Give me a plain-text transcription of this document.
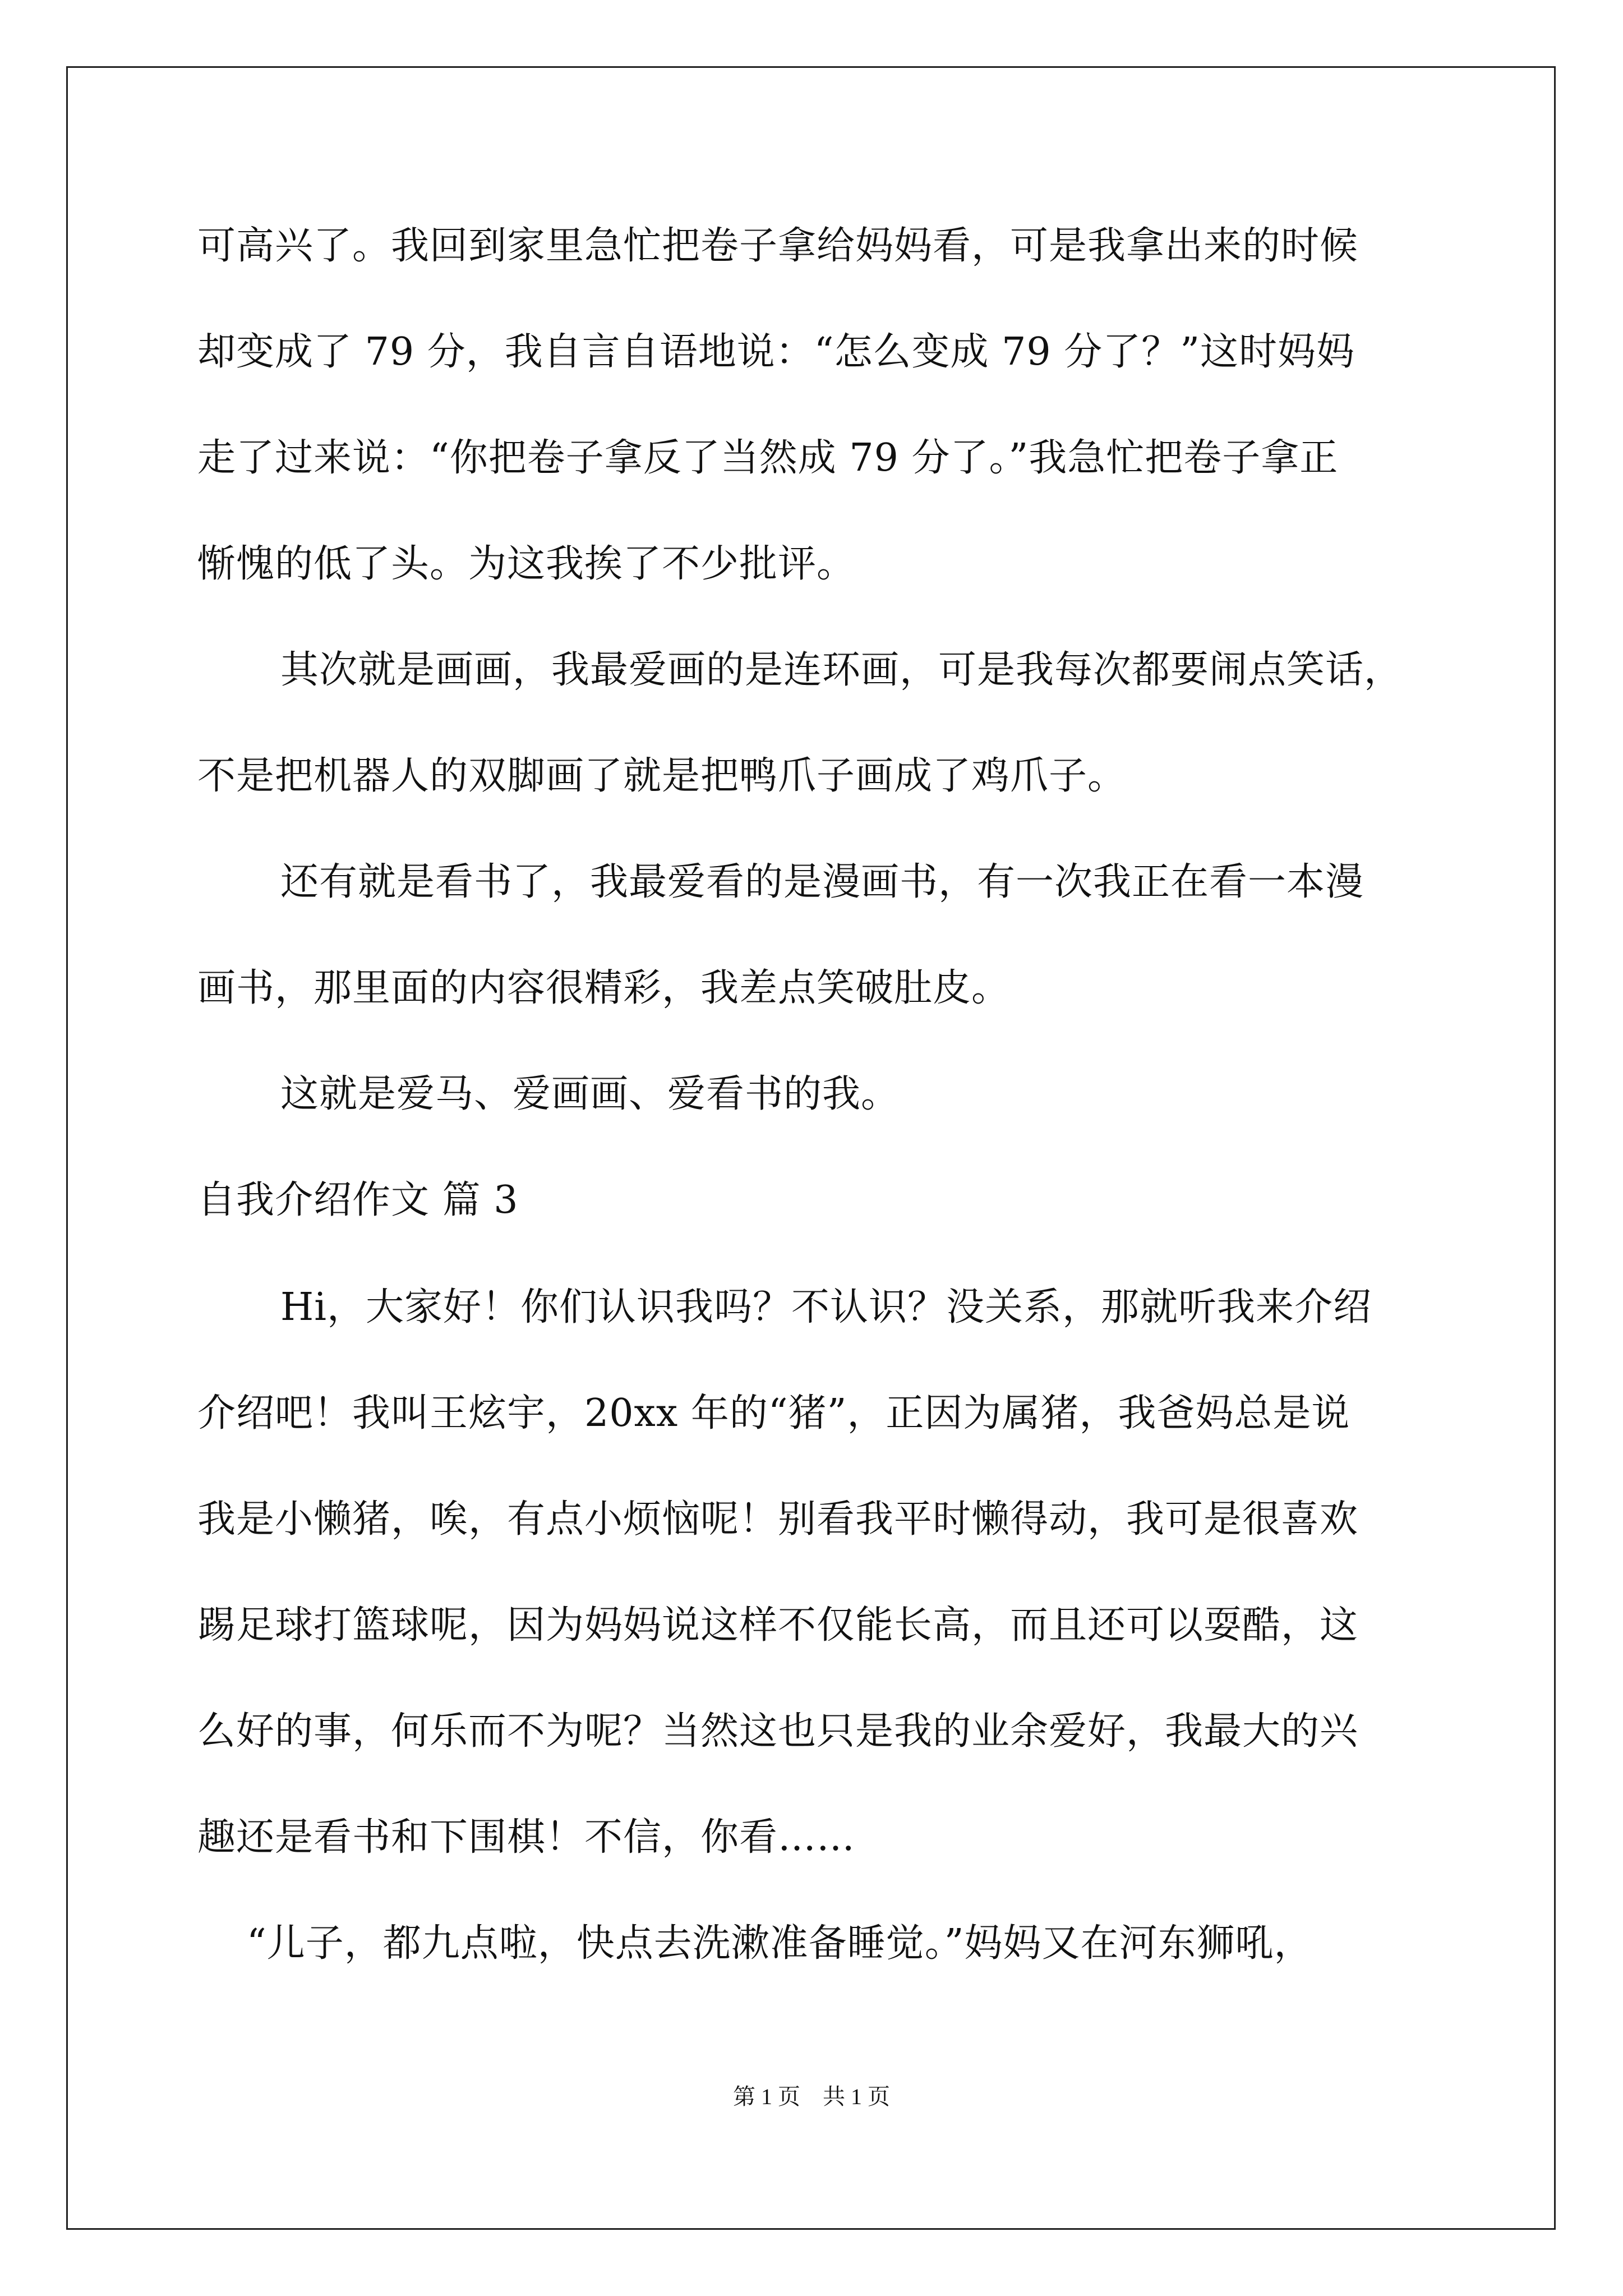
可高兴了。我回到家里急忙把卷子拿给妈妈看，可是我拿出来的时候
却变成了 79 分，我自言自语地说：“怎么变成 79 分了？”这时妈妈
走了过来说：“你把卷子拿反了当然成 79 分了。”我急忙把卷子拿正
惭愧的低了头。为这我挨了不少批评。
其次就是画画，我最爱画的是连环画，可是我每次都要闹点笑话，
不是把机器人的双脚画了就是把鸭爪子画成了鸡爪子。
还有就是看书了，我最爱看的是漫画书，有一次我正在看一本漫
画书，那里面的内容很精彩，我差点笑破肚皮。
这就是爱马、爱画画、爱看书的我。
自我介绍作文 篇 3
Hi，大家好！你们认识我吗？不认识？没关系，那就听我来介绍
介绍吧！我叫王炫宇，20xx 年的“猪”，正因为属猪，我爸妈总是说
我是小懒猪，唉，有点小烦恼呢！别看我平时懒得动，我可是很喜欢
踢足球打篮球呢，因为妈妈说这样不仅能长高，而且还可以耍酷，这
么好的事，何乐而不为呢？当然这也只是我的业余爱好，我最大的兴
趣还是看书和下围棋！不信，你看……
“儿子，都九点啦，快点去洗漱准备睡觉。”妈妈又在河东狮吼，
第 1 页 共 1 页
